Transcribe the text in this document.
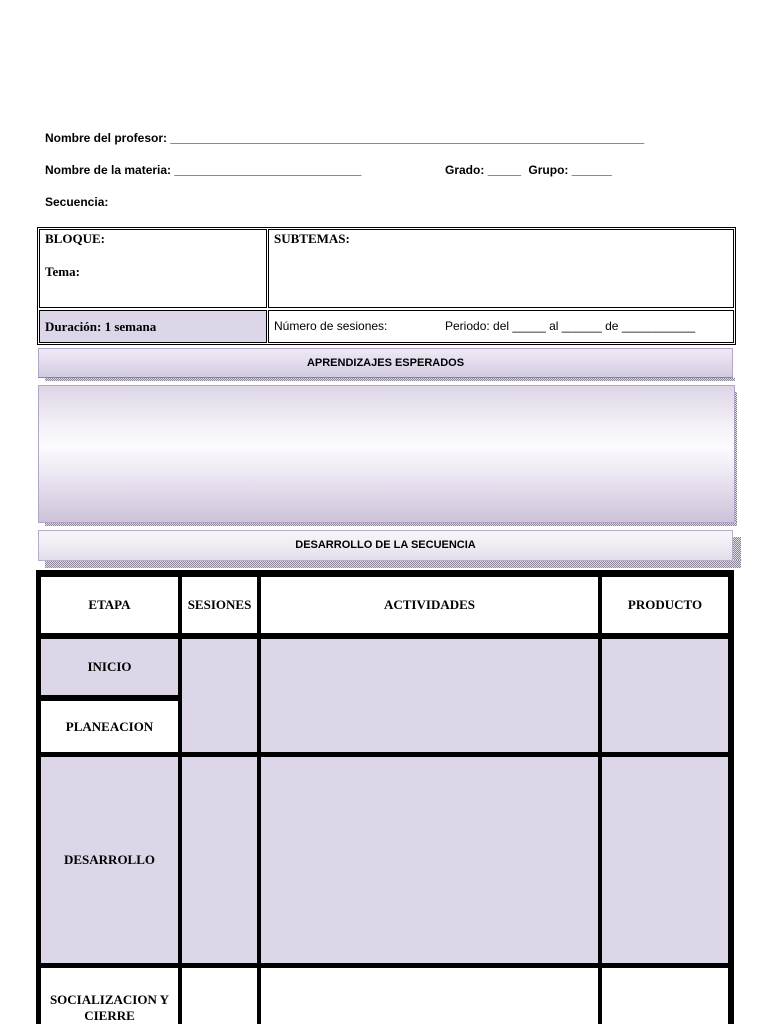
Nombre del profesor: _______________________________________________________________________
Nombre de la materia: ____________________________	Grado: _____ Grupo: ______
Secuencia:
BLOQUE:
Tema:
SUBTEMAS:
Duración: 1 semana	Número de sesiones:	Periodo: del _____ al ______ de ___________
APRENDIZAJES ESPERADOS
DESARROLLO DE LA SECUENCIA
ETAPA	SESIONES	ACTIVIDADES	PRODUCTO
INICIO
PLANEACION
DESARROLLO
SOCIALIZACION Y CIERRE
